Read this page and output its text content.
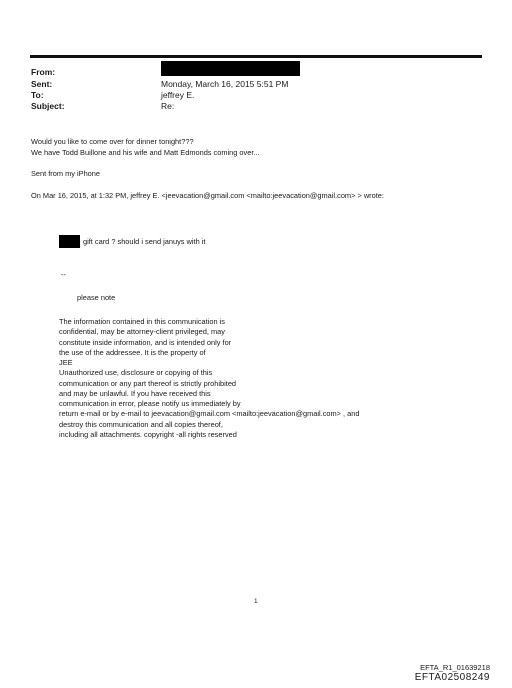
From:
Sent:	Monday, March 16, 2015 5:51 PM
To:	jeffrey E.
Subject:	Re:
Would you like to come over for dinner tonight???
We have Todd Buillone and his wife and Matt Edmonds coming over...
Sent from my iPhone
On Mar 16, 2015, at 1:32 PM, jeffrey E. <jeevacation@gmail.com <mailto:jeevacation@gmail.com> > wrote:
gift card ? should i send januys with it
--
please note
The information contained in this communication is
confidential, may be attorney-client privileged, may
constitute inside information, and is intended only for
the use of the addressee. It is the property of
JEE
Unauthorized use, disclosure or copying of this
communication or any part thereof is strictly prohibited
and may be unlawful. If you have received this
communication in error, please notify us immediately by
return e-mail or by e-mail to jeevacation@gmail.com <mailto:jeevacation@gmail.com> , and
destroy this communication and all copies thereof,
including all attachments. copyright -all rights reserved
1
EFTA_R1_01639218
EFTA02508249
